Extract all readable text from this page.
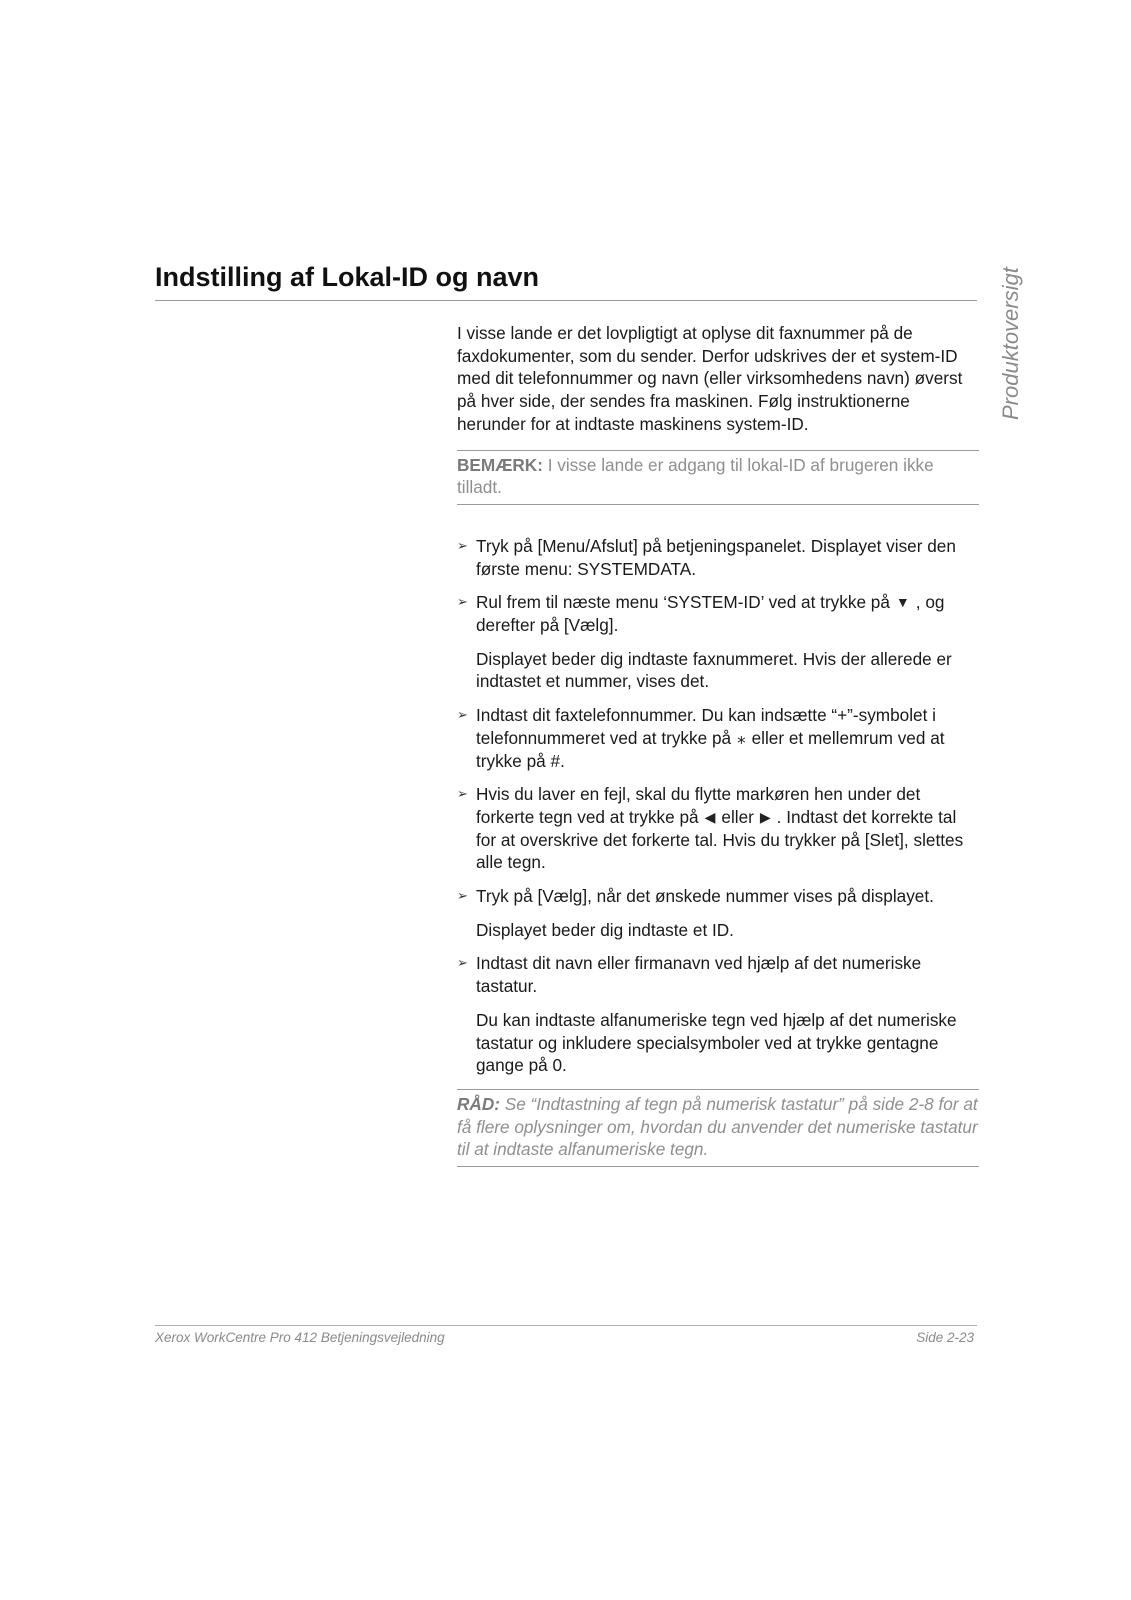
Indstilling af Lokal-ID og navn	Produktoversigt

I visse lande er det lovpligtigt at oplyse dit faxnummer på de faxdokumenter, som du sender. Derfor udskrives der et system-ID med dit telefonnummer og navn (eller virksomhedens navn) øverst på hver side, der sendes fra maskinen. Følg instruktionerne herunder for at indtaste maskinens system-ID.

BEMÆRK: I visse lande er adgang til lokal-ID af brugeren ikke tilladt.

➢ Tryk på [Menu/Afslut] på betjeningspanelet. Displayet viser den første menu: SYSTEMDATA.

➢ Rul frem til næste menu ‘SYSTEM-ID’ ved at trykke på ▼ , og derefter på [Vælg].

Displayet beder dig indtaste faxnummeret. Hvis der allerede er indtastet et nummer, vises det.

➢ Indtast dit faxtelefonnummer. Du kan indsætte “+”-symbolet i telefonnummeret ved at trykke på ⁎ eller et mellemrum ved at trykke på #.

➢ Hvis du laver en fejl, skal du flytte markøren hen under det forkerte tegn ved at trykke på ◀ eller ▶ . Indtast det korrekte tal for at overskrive det forkerte tal. Hvis du trykker på [Slet], slettes alle tegn.

➢ Tryk på [Vælg], når det ønskede nummer vises på displayet.

Displayet beder dig indtaste et ID.

➢ Indtast dit navn eller firmanavn ved hjælp af det numeriske tastatur.

Du kan indtaste alfanumeriske tegn ved hjælp af det numeriske tastatur og inkludere specialsymboler ved at trykke gentagne gange på 0.

RÅD: Se “Indtastning af tegn på numerisk tastatur” på side 2-8 for at få flere oplysninger om, hvordan du anvender det numeriske tastatur til at indtaste alfanumeriske tegn.
Xerox WorkCentre Pro 412 Betjeningsvejledning	Side 2-23
